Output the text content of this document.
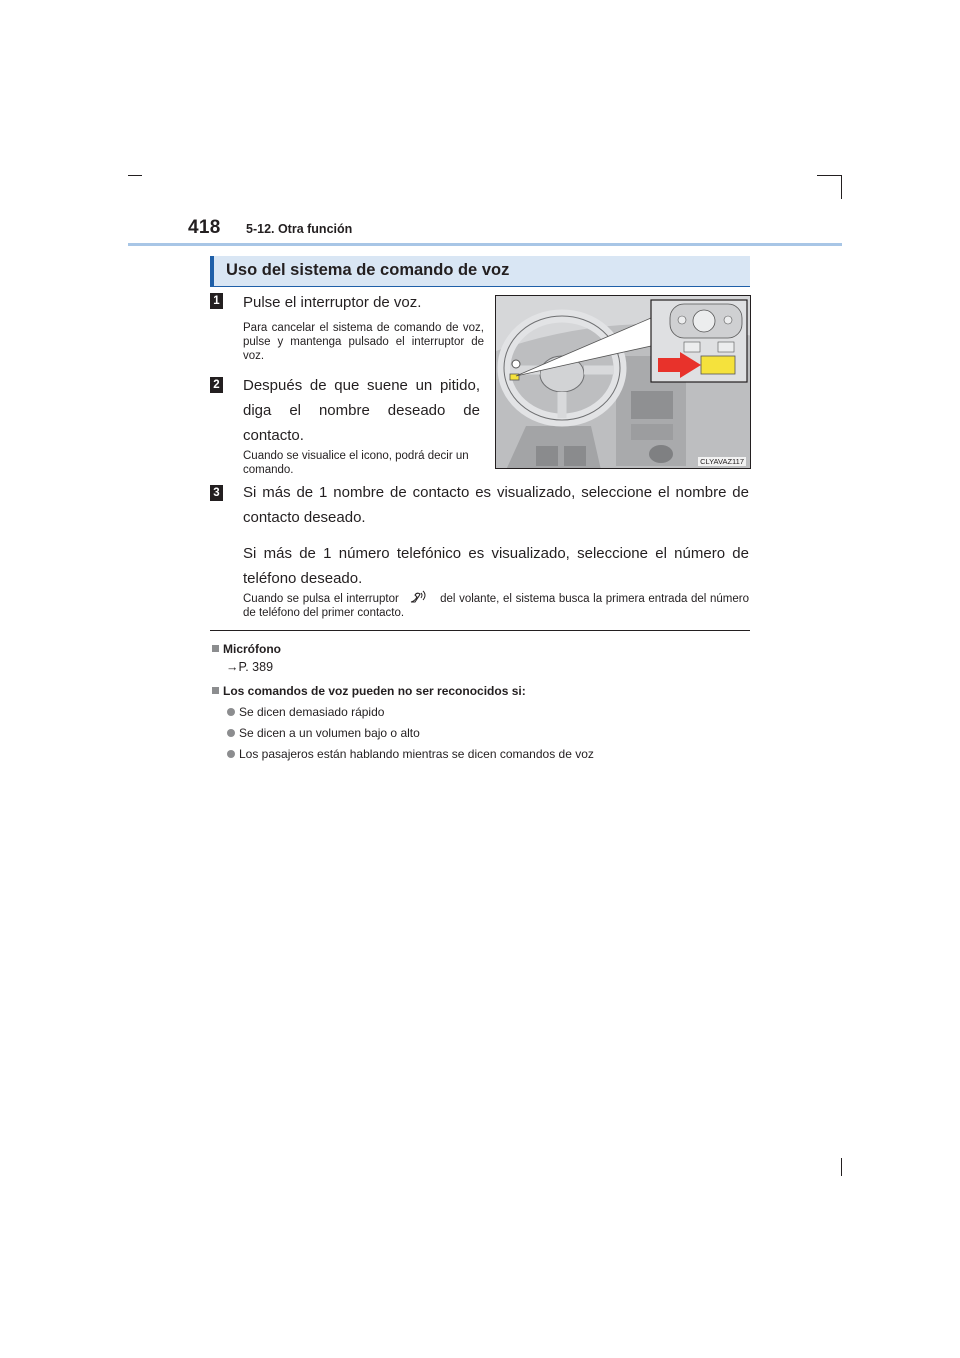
418 5-12. Otra función
Uso del sistema de comando de voz
1 Pulse el interruptor de voz.
Para cancelar el sistema de comando de voz, pulse y mantenga pulsado el interruptor de voz.
2 Después de que suene un pitido, diga el nombre deseado de contacto.
Cuando se visualice el icono, podrá decir un comando.
CLYAVAZ117
3 Si más de 1 nombre de contacto es visualizado, seleccione el nombre de contacto deseado.
Si más de 1 número telefónico es visualizado, seleccione el número de teléfono deseado.
Cuando se pulsa el interruptor	del volante, el sistema busca la primera entrada del número de teléfono del primer contacto.
Micrófono
→P. 389
Los comandos de voz pueden no ser reconocidos si:
Se dicen demasiado rápido
Se dicen a un volumen bajo o alto
Los pasajeros están hablando mientras se dicen comandos de voz
